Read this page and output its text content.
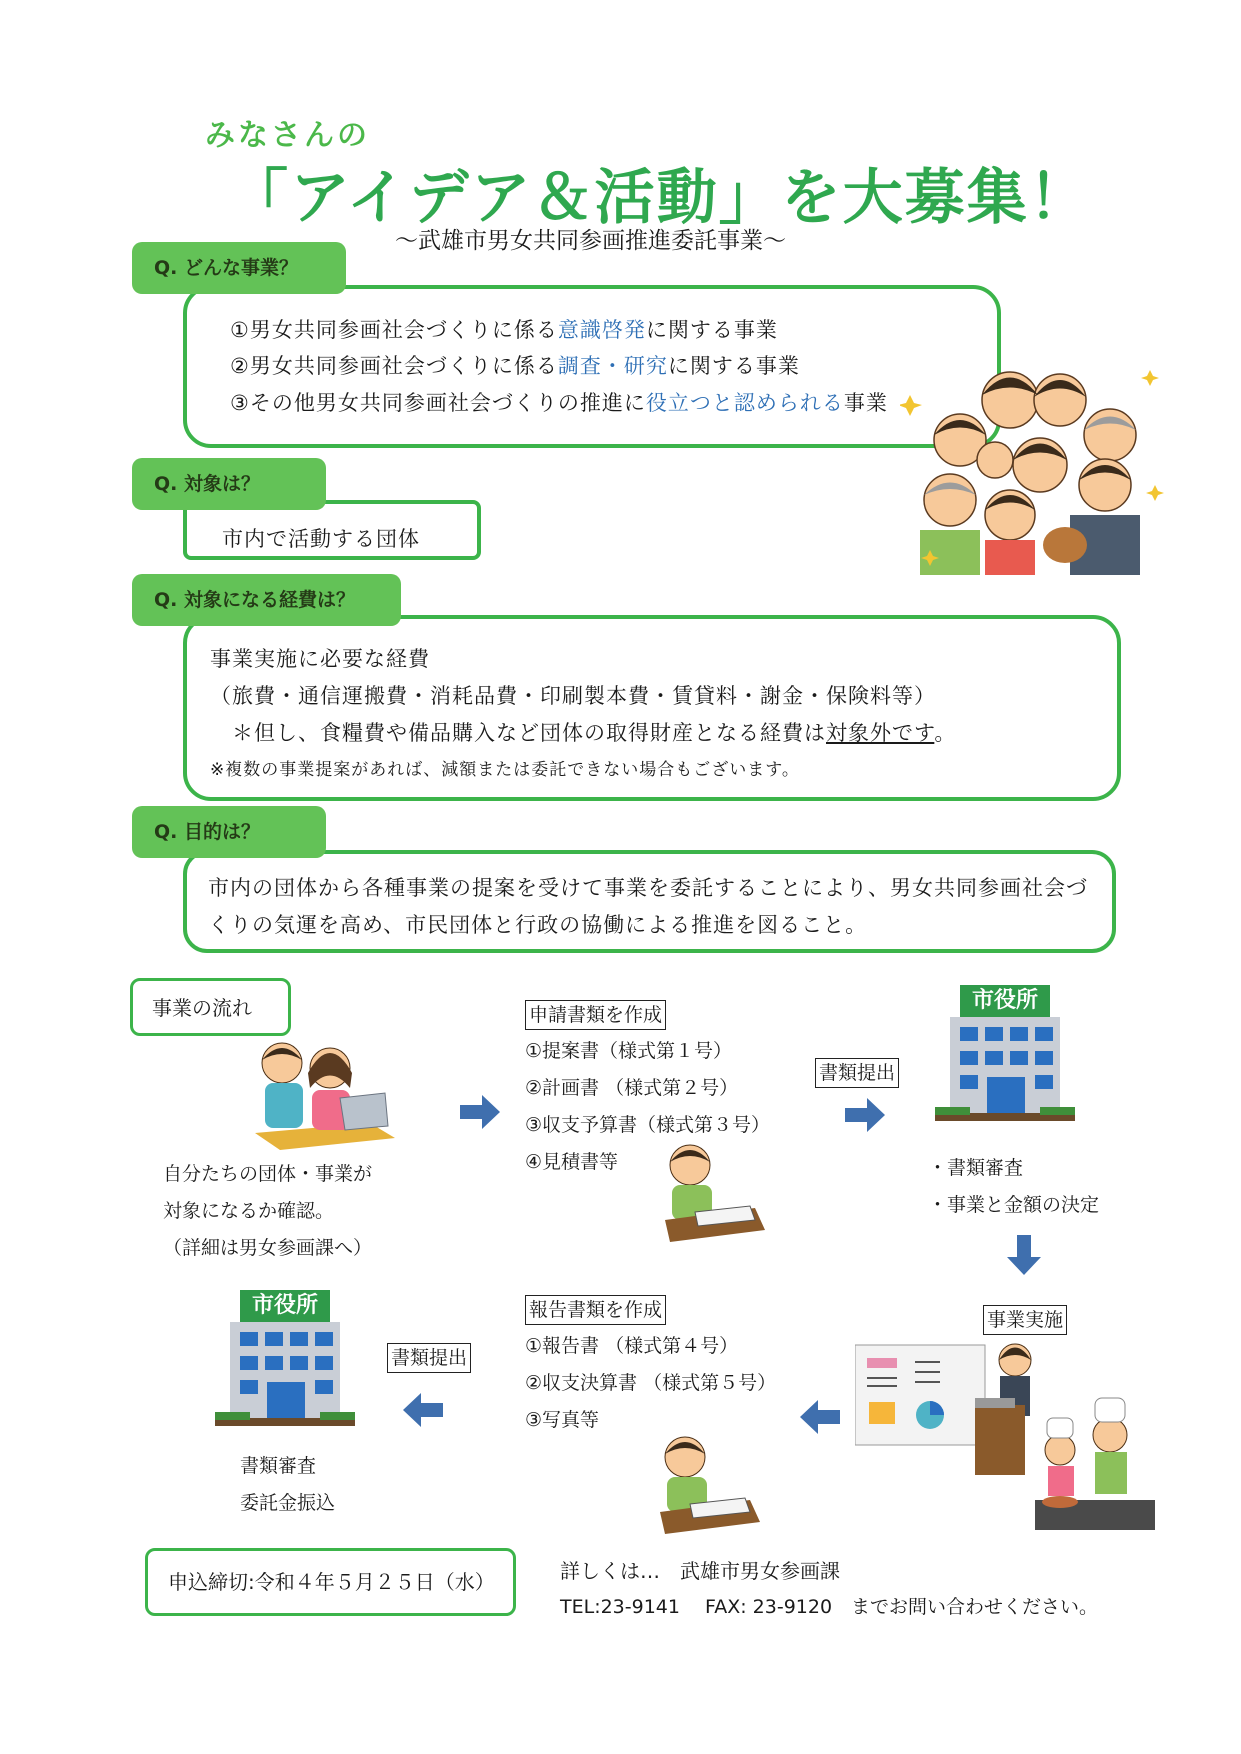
みなさんの
「アイデア＆活動」を大募集！
～武雄市男女共同参画推進委託事業～
Q. どんな事業？
①男女共同参画社会づくりに係る意識啓発に関する事業
②男女共同参画社会づくりに係る調査・研究に関する事業
③その他男女共同参画社会づくりの推進に役立つと認められる事業
Q. 対象は？
市内で活動する団体
Q. 対象になる経費は？
事業実施に必要な経費
（旅費・通信運搬費・消耗品費・印刷製本費・賃貸料・謝金・保険料等）
＊但し、食糧費や備品購入など団体の取得財産となる経費は対象外です。
※複数の事業提案があれば、減額または委託できない場合もございます。
Q. 目的は？
市内の団体から各種事業の提案を受けて事業を委託することにより、男女共同参画社会づ
くりの気運を高め、市民団体と行政の協働による推進を図ること。
事業の流れ
自分たちの団体・事業が
対象になるか確認。
（詳細は男女参画課へ）
申請書類を作成
①提案書（様式第１号）
②計画書 （様式第２号）
③収支予算書（様式第３号）
④見積書等
書類提出
市役所
・書類審査
・事業と金額の決定
事業実施
報告書類を作成
①報告書 （様式第４号）
②収支決算書 （様式第５号）
③写真等
書類提出
市役所
書類審査
委託金振込
申込締切:令和４年５月２５日（水）	詳しくは…　武雄市男女参画課
TEL:23-9141　 FAX: 23-9120　までお問い合わせください。
